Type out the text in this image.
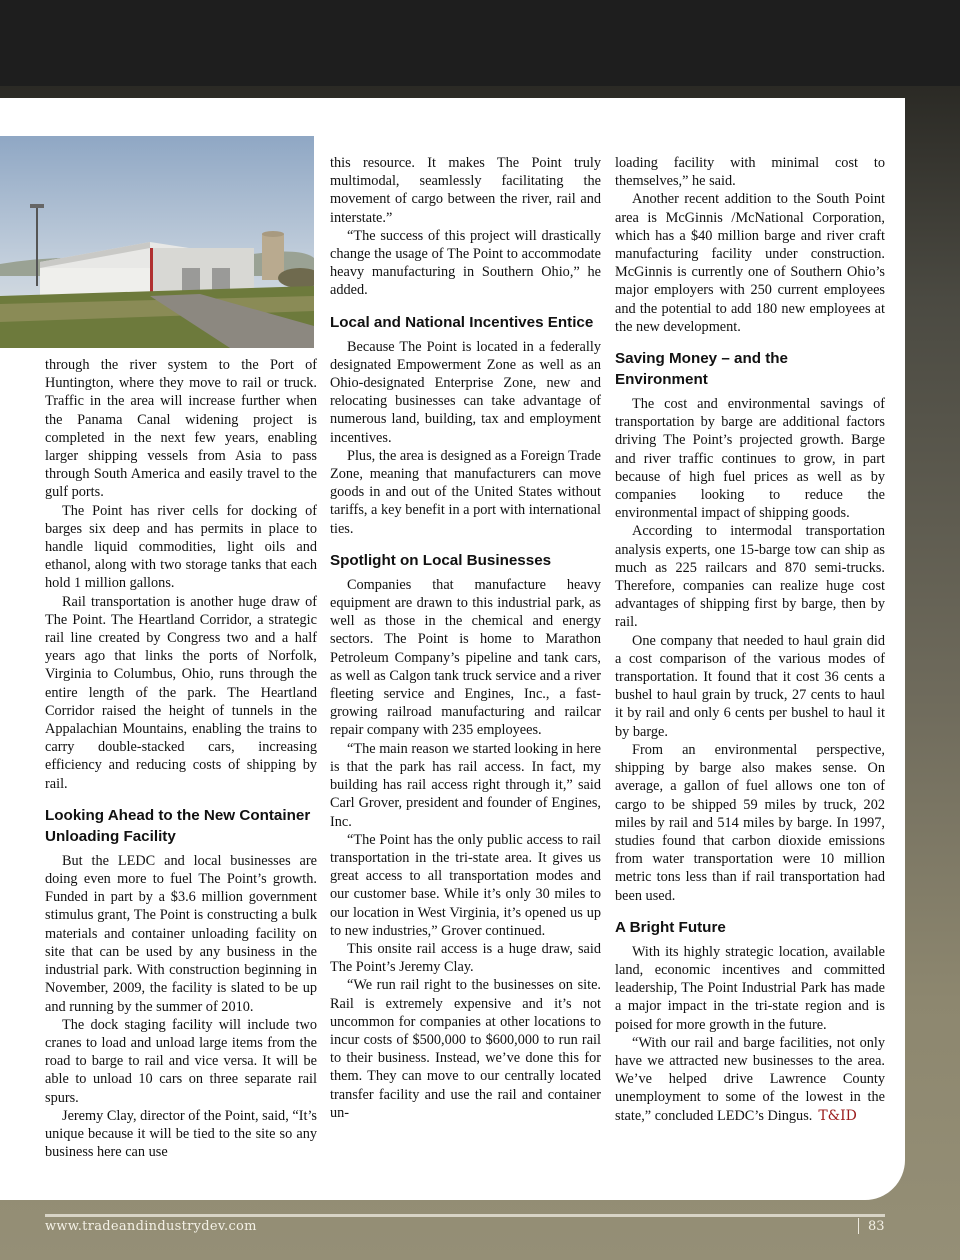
through the river system to the Port of Huntington, where they move to rail or truck. Traffic in the area will increase further when the Panama Canal widening project is completed in the next few years, enabling larger shipping vessels from Asia to pass through South America and easily travel to the gulf ports.

The Point has river cells for docking of barges six deep and has permits in place to handle liquid commodities, light oils and ethanol, along with two storage tanks that each hold 1 million gallons.

Rail transportation is another huge draw of The Point. The Heartland Corridor, a strategic rail line created by Congress two and a half years ago that links the ports of Norfolk, Virginia to Columbus, Ohio, runs through the entire length of the park. The Heartland Corridor raised the height of tunnels in the Appalachian Mountains, enabling the trains to carry double-stacked cars, increasing efficiency and reducing costs of shipping by rail.

Looking Ahead to the New Container Unloading Facility

But the LEDC and local businesses are doing even more to fuel The Point’s growth. Funded in part by a $3.6 million government stimulus grant, The Point is constructing a bulk materials and container unloading facility on site that can be used by any business in the industrial park. With construction beginning in November, 2009, the facility is slated to be up and running by the summer of 2010.

The dock staging facility will include two cranes to load and unload large items from the road to barge to rail and vice versa. It will be able to unload 10 cars on three separate rail spurs.

Jeremy Clay, director of the Point, said, “It’s unique because it will be tied to the site so any business here can use

this resource. It makes The Point truly multimodal, seamlessly facilitating the movement of cargo between the river, rail and interstate.”

“The success of this project will drastically change the usage of The Point to accommodate heavy manufacturing in Southern Ohio,” he added.

Local and National Incentives Entice

Because The Point is located in a federally designated Empowerment Zone as well as an Ohio-designated Enterprise Zone, new and relocating businesses can take advantage of numerous land, building, tax and employment incentives.

Plus, the area is designed as a Foreign Trade Zone, meaning that manufacturers can move goods in and out of the United States without tariffs, a key benefit in a port with international ties.

Spotlight on Local Businesses

Companies that manufacture heavy equipment are drawn to this industrial park, as well as those in the chemical and energy sectors. The Point is home to Marathon Petroleum Company’s pipeline and tank cars, as well as Calgon tank truck service and a river fleeting service and Engines, Inc., a fast-growing railroad manufacturing and railcar repair company with 235 employees.

“The main reason we started looking in here is that the park has rail access. In fact, my building has rail access right through it,” said Carl Grover, president and founder of Engines, Inc.

“The Point has the only public access to rail transportation in the tri-state area. It gives us great access to all transportation modes and our customer base. While it’s only 30 miles to our location in West Virginia, it’s opened us up to new industries,” Grover continued.

This onsite rail access is a huge draw, said The Point’s Jeremy Clay.

“We run rail right to the businesses on site. Rail is extremely expensive and it’s not uncommon for companies at other locations to incur costs of $500,000 to $600,000 to run rail to their business. Instead, we’ve done this for them. They can move to our centrally located transfer facility and use the rail and container un-

loading facility with minimal cost to themselves,” he said.

Another recent addition to the South Point area is McGinnis /McNational Corporation, which has a $40 million barge and river craft manufacturing facility under construction. McGinnis is currently one of Southern Ohio’s major employers with 250 current employees and the potential to add 180 new employees at the new development.

Saving Money – and the Environment

The cost and environmental savings of transportation by barge are additional factors driving The Point’s projected growth. Barge and river traffic continues to grow, in part because of high fuel prices as well as by companies looking to reduce the environmental impact of shipping goods.

According to intermodal transportation analysis experts, one 15-barge tow can ship as much as 225 railcars and 870 semi-trucks. Therefore, companies can realize huge cost advantages of shipping first by barge, then by rail.

One company that needed to haul grain did a cost comparison of the various modes of transportation. It found that it cost 36 cents a bushel to haul grain by truck, 27 cents to haul it by rail and only 6 cents per bushel to haul it by barge.

From an environmental perspective, shipping by barge also makes sense. On average, a gallon of fuel allows one ton of cargo to be shipped 59 miles by truck, 202 miles by rail and 514 miles by barge. In 1997, studies found that carbon dioxide emissions from water transportation were 10 million metric tons less than if rail transportation had been used.

A Bright Future

With its highly strategic location, available land, economic incentives and committed leadership, The Point Industrial Park has made a major impact in the tri-state region and is poised for more growth in the future.

“With our rail and barge facilities, not only have we attracted new businesses to the area. We’ve helped drive Lawrence County unemployment to some of the lowest in the state,” concluded LEDC’s Dingus. T&ID

www.tradeandindustrydev.com	83
